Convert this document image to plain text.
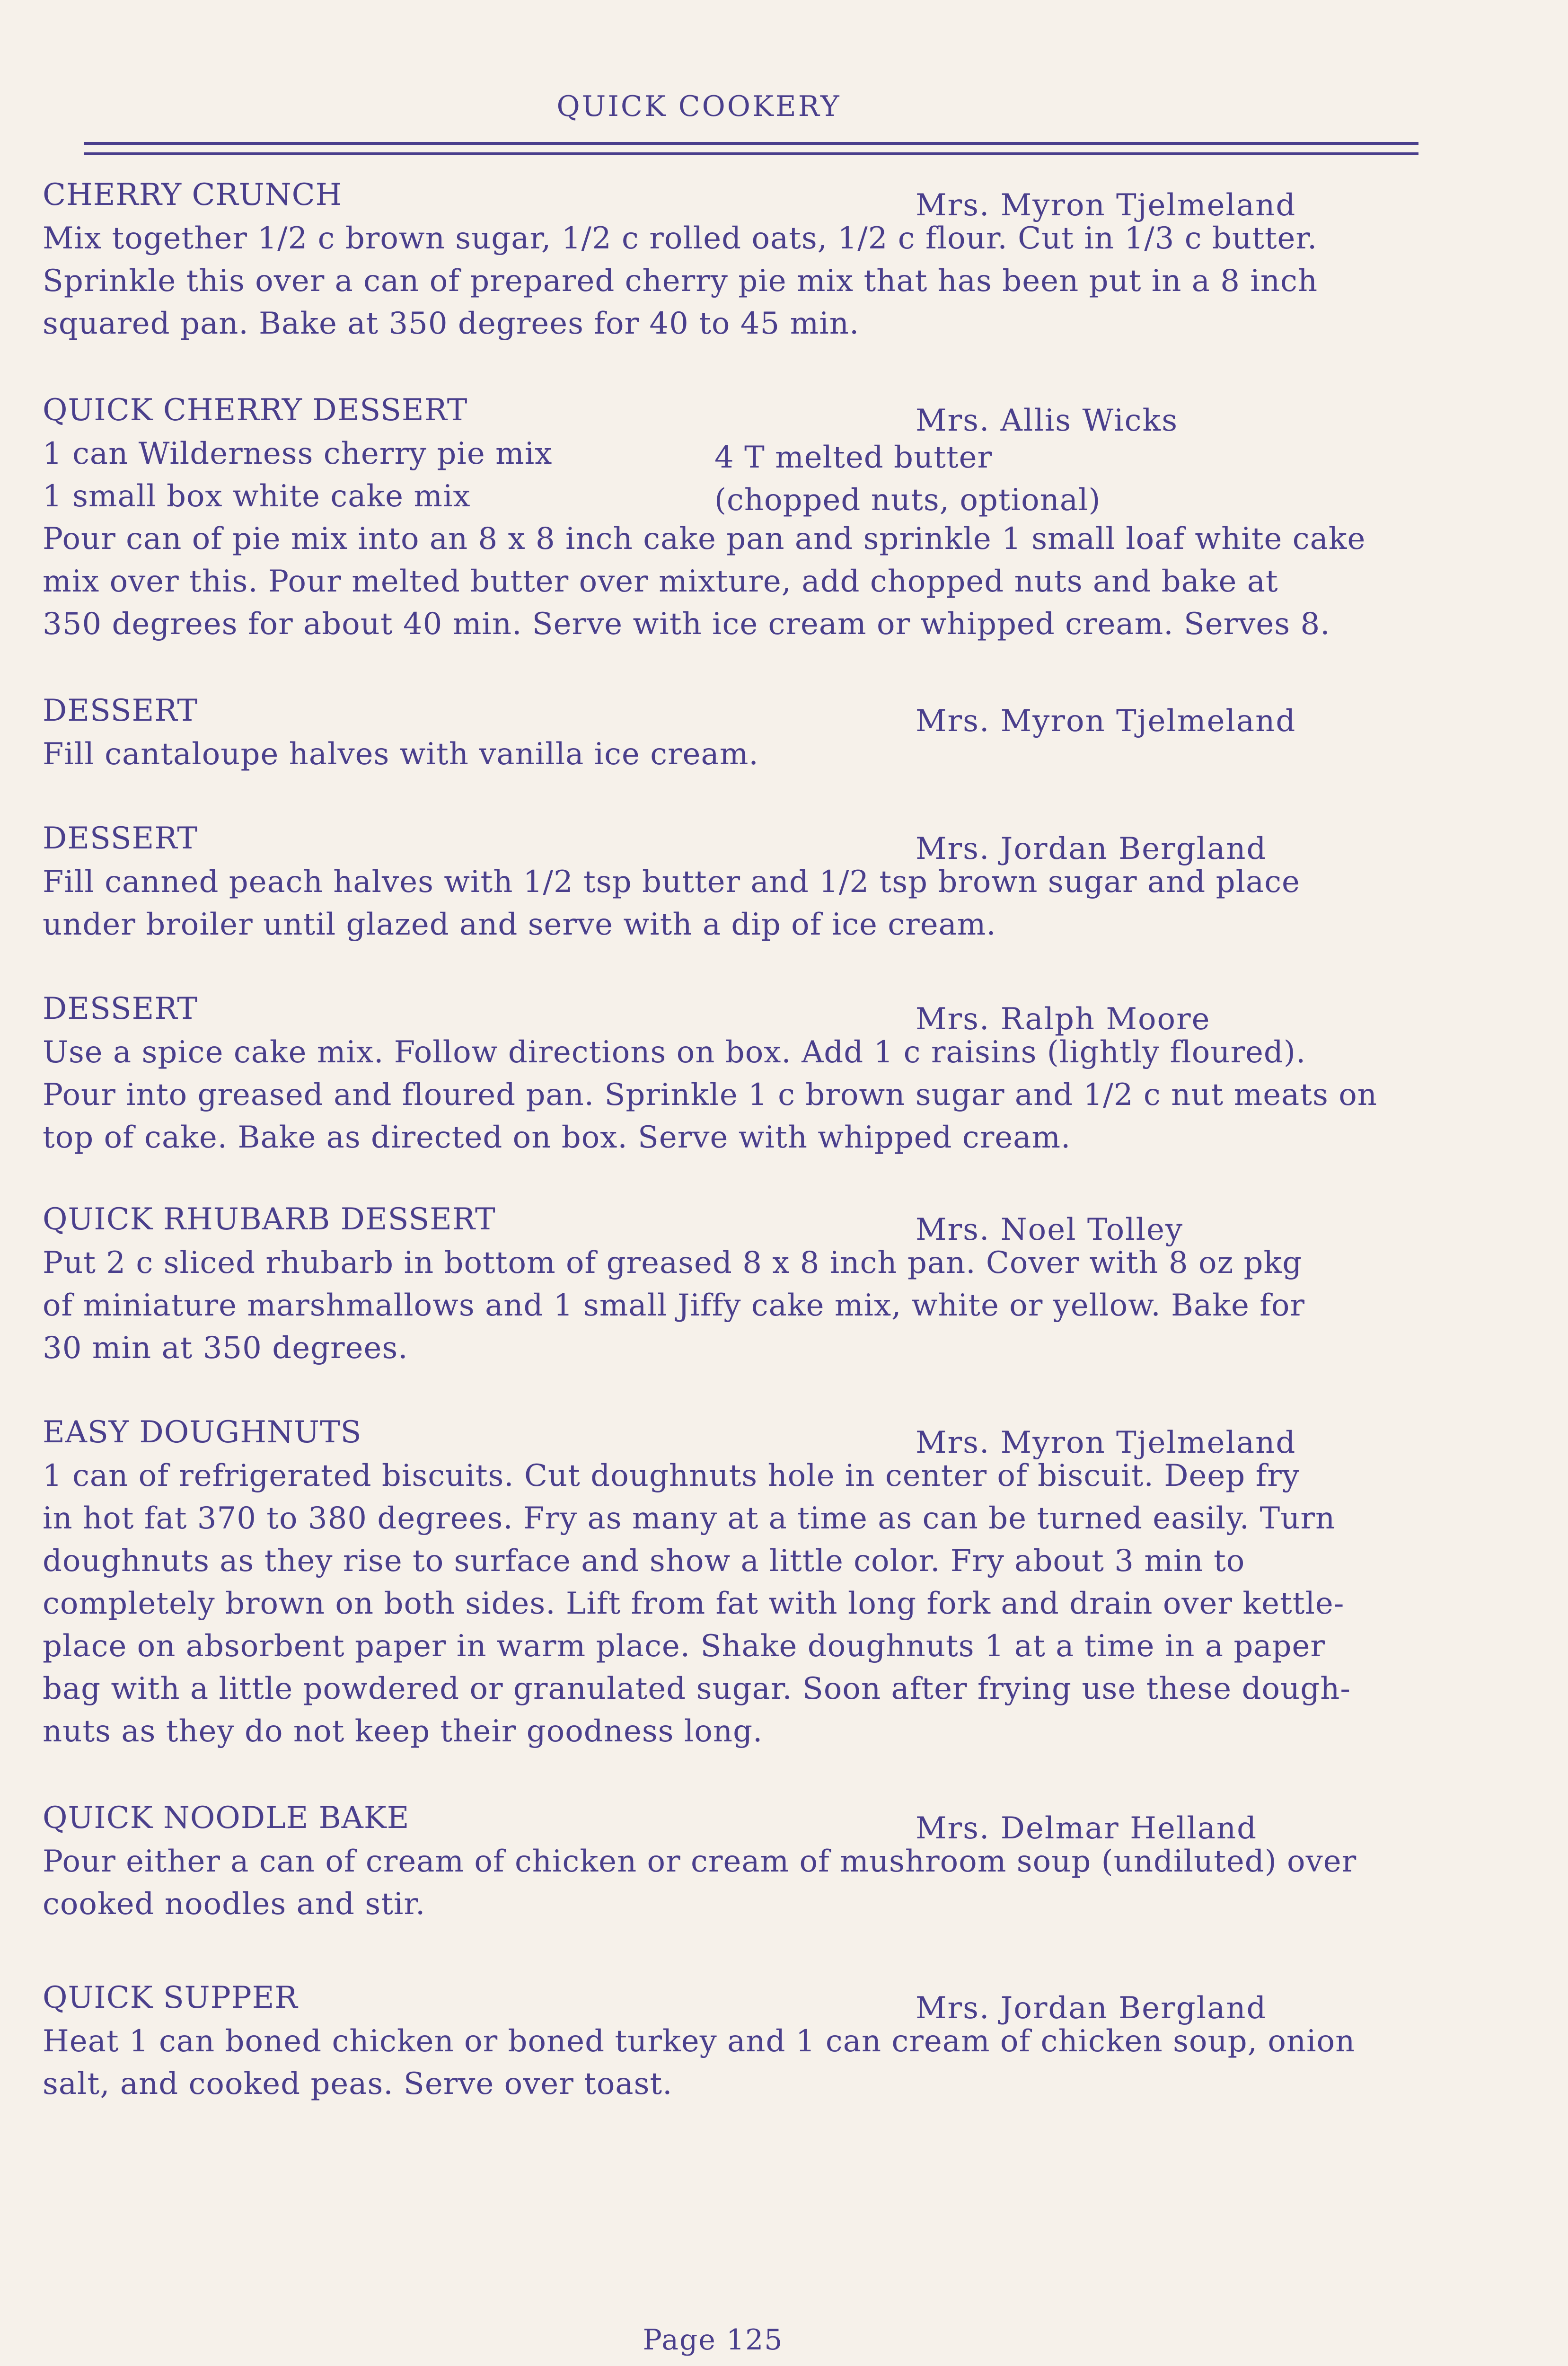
QUICK COOKERY
CHERRY CRUNCH	Mrs. Myron Tjelmeland

Mix together 1/2 c brown sugar, 1/2 c rolled oats, 1/2 c flour. Cut in 1/3 c butter.

Sprinkle this over a can of prepared cherry pie mix that has been put in a 8 inch

squared pan. Bake at 350 degrees for 40 to 45 min.

QUICK CHERRY DESSERT	Mrs. Allis Wicks
1 can Wilderness cherry pie mix	4 T melted butter
1 small box white cake mix	(chopped nuts, optional)

Pour can of pie mix into an 8 x 8 inch cake pan and sprinkle 1 small loaf white cake

mix over this. Pour melted butter over mixture, add chopped nuts and bake at

350 degrees for about 40 min. Serve with ice cream or whipped cream. Serves 8.

DESSERT	Mrs. Myron Tjelmeland

Fill cantaloupe halves with vanilla ice cream.

DESSERT	Mrs. Jordan Bergland

Fill canned peach halves with 1/2 tsp butter and 1/2 tsp brown sugar and place

under broiler until glazed and serve with a dip of ice cream.

DESSERT	Mrs. Ralph Moore

Use a spice cake mix. Follow directions on box. Add 1 c raisins (lightly floured).

Pour into greased and floured pan. Sprinkle 1 c brown sugar and 1/2 c nut meats on

top of cake. Bake as directed on box. Serve with whipped cream.

QUICK RHUBARB DESSERT	Mrs. Noel Tolley

Put 2 c sliced rhubarb in bottom of greased 8 x 8 inch pan. Cover with 8 oz pkg

of miniature marshmallows and 1 small Jiffy cake mix, white or yellow. Bake for

30 min at 350 degrees.

EASY DOUGHNUTS	Mrs. Myron Tjelmeland

1 can of refrigerated biscuits. Cut doughnuts hole in center of biscuit. Deep fry

in hot fat 370 to 380 degrees. Fry as many at a time as can be turned easily. Turn

doughnuts as they rise to surface and show a little color. Fry about 3 min to

completely brown on both sides. Lift from fat with long fork and drain over kettle-

place on absorbent paper in warm place. Shake doughnuts 1 at a time in a paper

bag with a little powdered or granulated sugar. Soon after frying use these dough-

nuts as they do not keep their goodness long.

QUICK NOODLE BAKE	Mrs. Delmar Helland

Pour either a can of cream of chicken or cream of mushroom soup (undiluted) over

cooked noodles and stir.

QUICK SUPPER	Mrs. Jordan Bergland

Heat 1 can boned chicken or boned turkey and 1 can cream of chicken soup, onion

salt, and cooked peas. Serve over toast.

Page 125
